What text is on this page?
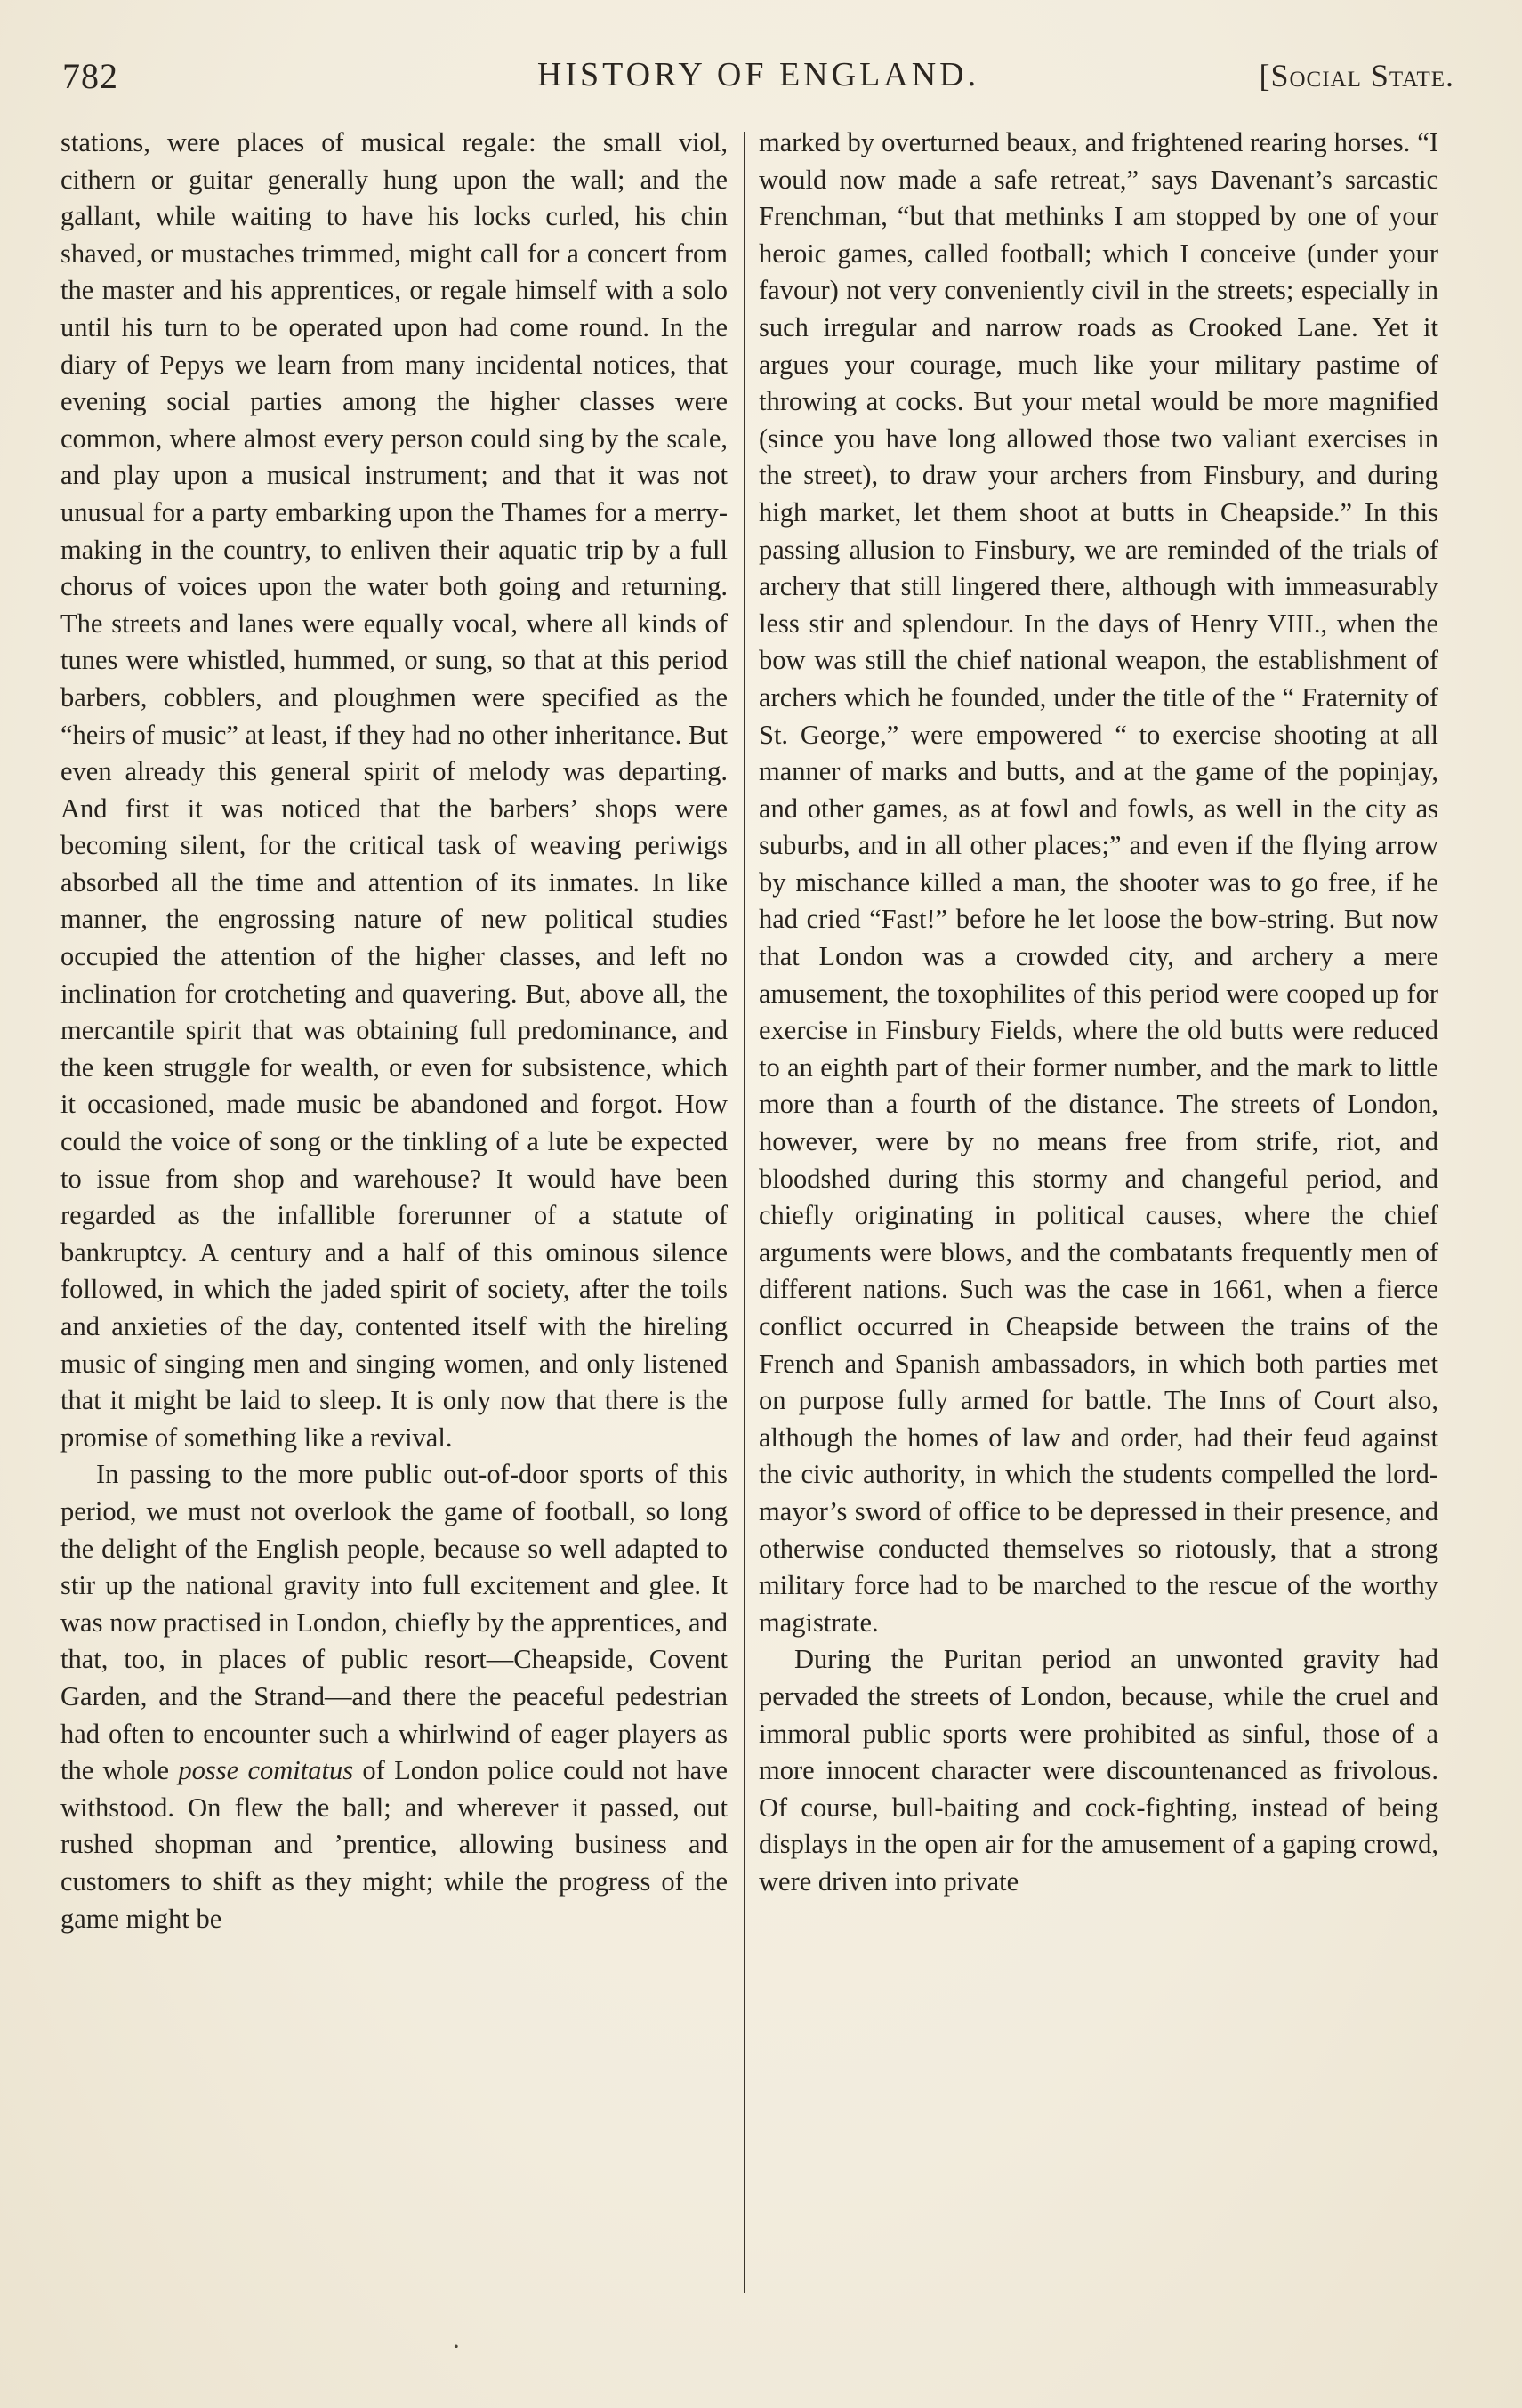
782	HISTORY OF ENGLAND.	[Social State.

stations, were places of musical regale: the small viol, cithern or guitar generally hung upon the wall; and the gallant, while waiting to have his locks curled, his chin shaved, or mustaches trimmed, might call for a concert from the master and his apprentices, or regale himself with a solo until his turn to be operated upon had come round. In the diary of Pepys we learn from many incidental notices, that evening social parties among the higher classes were common, where almost every person could sing by the scale, and play upon a musical instrument; and that it was not unusual for a party embarking upon the Thames for a merry-making in the country, to enliven their aquatic trip by a full chorus of voices upon the water both going and returning. The streets and lanes were equally vocal, where all kinds of tunes were whistled, hummed, or sung, so that at this period barbers, cobblers, and ploughmen were specified as the “heirs of music” at least, if they had no other inheritance. But even already this general spirit of melody was departing. And first it was noticed that the barbers’ shops were becoming silent, for the critical task of weaving periwigs absorbed all the time and attention of its inmates. In like manner, the engrossing nature of new political studies occupied the attention of the higher classes, and left no inclination for crotcheting and quavering. But, above all, the mercantile spirit that was obtaining full predominance, and the keen struggle for wealth, or even for subsistence, which it occasioned, made music be abandoned and forgot. How could the voice of song or the tinkling of a lute be expected to issue from shop and warehouse? It would have been regarded as the infallible forerunner of a statute of bankruptcy. A century and a half of this ominous silence followed, in which the jaded spirit of society, after the toils and anxieties of the day, contented itself with the hireling music of singing men and singing women, and only listened that it might be laid to sleep. It is only now that there is the promise of something like a revival.

In passing to the more public out-of-door sports of this period, we must not overlook the game of football, so long the delight of the English people, because so well adapted to stir up the national gravity into full excitement and glee. It was now practised in London, chiefly by the apprentices, and that, too, in places of public resort—Cheapside, Covent Garden, and the Strand—and there the peaceful pedestrian had often to encounter such a whirlwind of eager players as the whole posse comitatus of London police could not have withstood. On flew the ball; and wherever it passed, out rushed shopman and ’prentice, allowing business and customers to shift as they might; while the progress of the game might be

marked by overturned beaux, and frightened rearing horses. “I would now made a safe retreat,” says Davenant’s sarcastic Frenchman, “but that methinks I am stopped by one of your heroic games, called football; which I conceive (under your favour) not very conveniently civil in the streets; especially in such irregular and narrow roads as Crooked Lane. Yet it argues your courage, much like your military pastime of throwing at cocks. But your metal would be more magnified (since you have long allowed those two valiant exercises in the street), to draw your archers from Finsbury, and during high market, let them shoot at butts in Cheapside.” In this passing allusion to Finsbury, we are reminded of the trials of archery that still lingered there, although with immeasurably less stir and splendour. In the days of Henry VIII., when the bow was still the chief national weapon, the establishment of archers which he founded, under the title of the “ Fraternity of St. George,” were empowered “ to exercise shooting at all manner of marks and butts, and at the game of the popinjay, and other games, as at fowl and fowls, as well in the city as suburbs, and in all other places;” and even if the flying arrow by mischance killed a man, the shooter was to go free, if he had cried “Fast!” before he let loose the bow-string. But now that London was a crowded city, and archery a mere amusement, the toxophilites of this period were cooped up for exercise in Finsbury Fields, where the old butts were reduced to an eighth part of their former number, and the mark to little more than a fourth of the distance. The streets of London, however, were by no means free from strife, riot, and bloodshed during this stormy and changeful period, and chiefly originating in political causes, where the chief arguments were blows, and the combatants frequently men of different nations. Such was the case in 1661, when a fierce conflict occurred in Cheapside between the trains of the French and Spanish ambassadors, in which both parties met on purpose fully armed for battle. The Inns of Court also, although the homes of law and order, had their feud against the civic authority, in which the students compelled the lord-mayor’s sword of office to be depressed in their presence, and otherwise conducted themselves so riotously, that a strong military force had to be marched to the rescue of the worthy magistrate.

During the Puritan period an unwonted gravity had pervaded the streets of London, because, while the cruel and immoral public sports were prohibited as sinful, those of a more innocent character were discountenanced as frivolous. Of course, bull-baiting and cock-fighting, instead of being displays in the open air for the amusement of a gaping crowd, were driven into private

•
